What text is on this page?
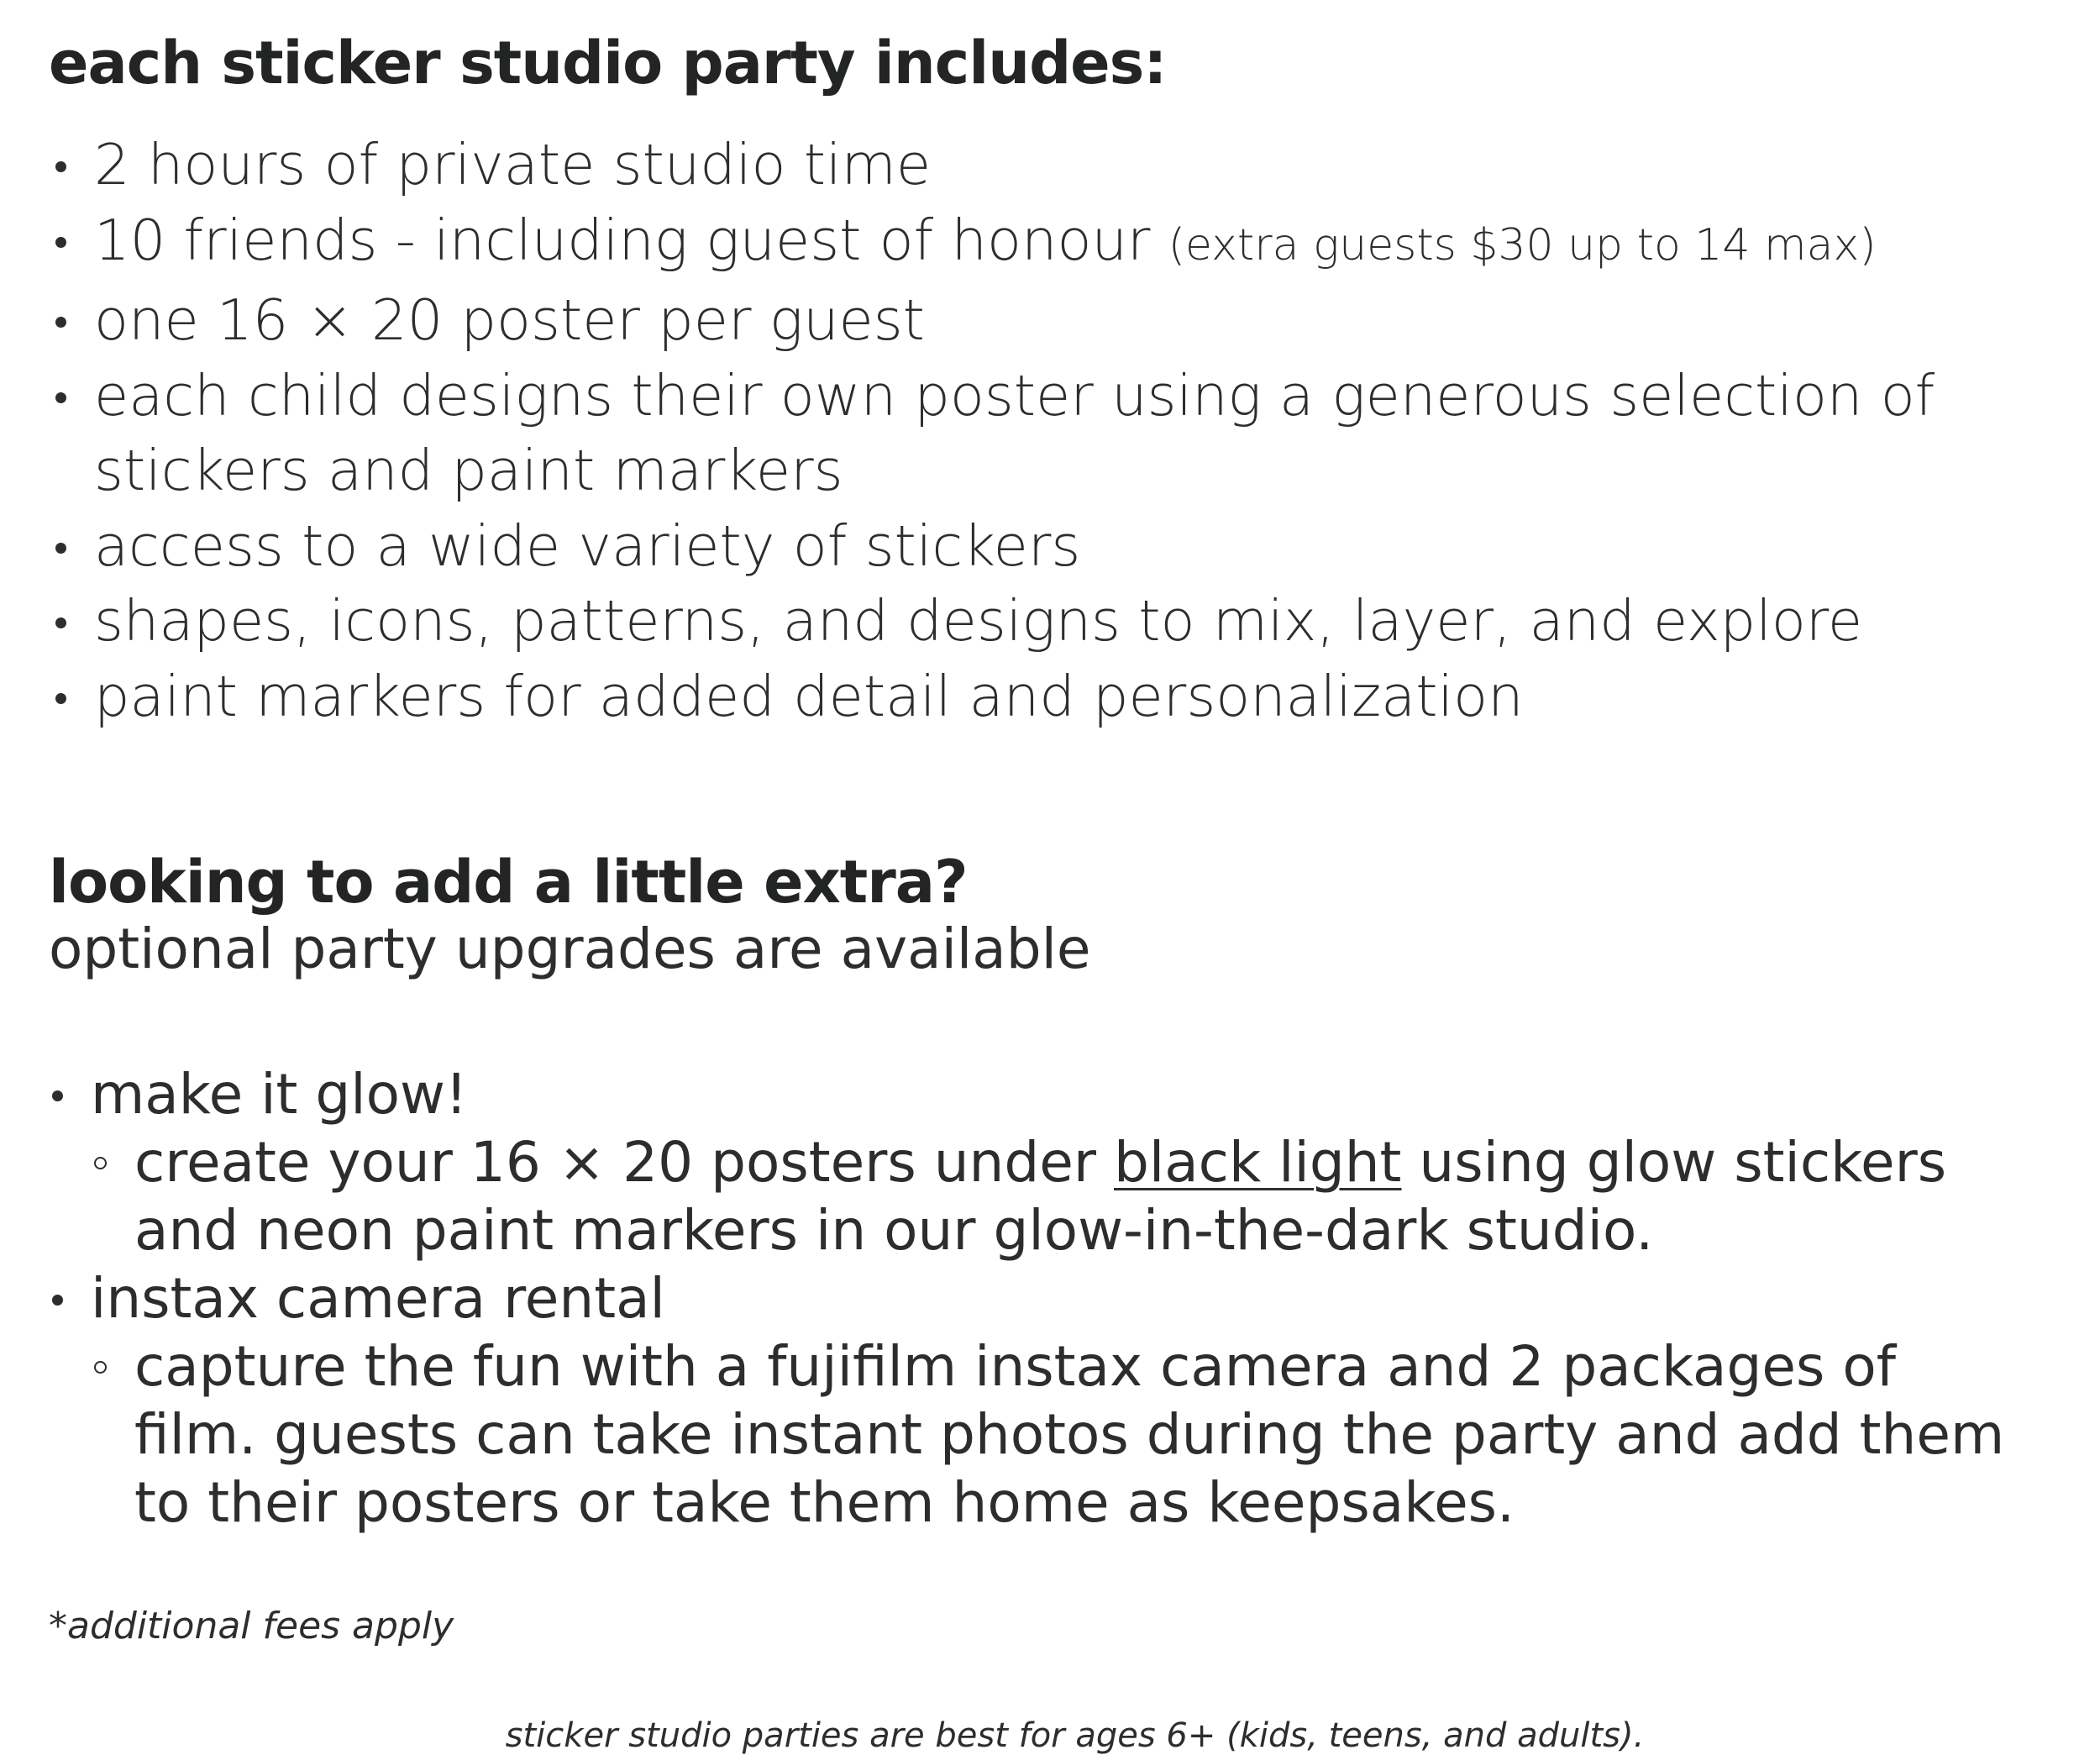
each sticker studio party includes:
2 hours of private studio time
10 friends - including guest of honour (extra guests $30 up to 14 max)
one 16 × 20 poster per guest
each child designs their own poster using a generous selection of stickers and paint markers
access to a wide variety of stickers
shapes, icons, patterns, and designs to mix, layer, and explore
paint markers for added detail and personalization
looking to add a little extra?

optional party upgrades are available

make it glow!
create your 16 × 20 posters under black light using glow stickers and neon paint markers in our glow-in-the-dark studio.
instax camera rental
capture the fun with a fujifilm instax camera and 2 packages of film. guests can take instant photos during the party and add them to their posters or take them home as keepsakes.

*additional fees apply

sticker studio parties are best for ages 6+ (kids, teens, and adults).
